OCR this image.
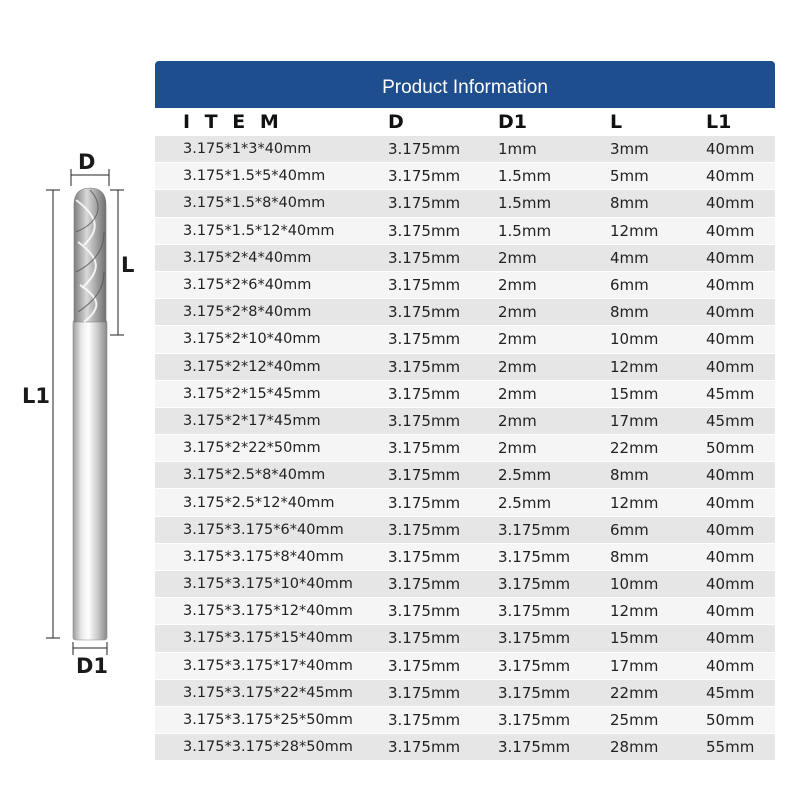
D
L
L1
D1
Product Information				
I T E M	D	D1	L	L1
3.175*1*3*40mm	3.175mm	1mm	3mm	40mm
3.175*1.5*5*40mm	3.175mm	1.5mm	5mm	40mm
3.175*1.5*8*40mm	3.175mm	1.5mm	8mm	40mm
3.175*1.5*12*40mm	3.175mm	1.5mm	12mm	40mm
3.175*2*4*40mm	3.175mm	2mm	4mm	40mm
3.175*2*6*40mm	3.175mm	2mm	6mm	40mm
3.175*2*8*40mm	3.175mm	2mm	8mm	40mm
3.175*2*10*40mm	3.175mm	2mm	10mm	40mm
3.175*2*12*40mm	3.175mm	2mm	12mm	40mm
3.175*2*15*45mm	3.175mm	2mm	15mm	45mm
3.175*2*17*45mm	3.175mm	2mm	17mm	45mm
3.175*2*22*50mm	3.175mm	2mm	22mm	50mm
3.175*2.5*8*40mm	3.175mm	2.5mm	8mm	40mm
3.175*2.5*12*40mm	3.175mm	2.5mm	12mm	40mm
3.175*3.175*6*40mm	3.175mm	3.175mm	6mm	40mm
3.175*3.175*8*40mm	3.175mm	3.175mm	8mm	40mm
3.175*3.175*10*40mm	3.175mm	3.175mm	10mm	40mm
3.175*3.175*12*40mm	3.175mm	3.175mm	12mm	40mm
3.175*3.175*15*40mm	3.175mm	3.175mm	15mm	40mm
3.175*3.175*17*40mm	3.175mm	3.175mm	17mm	40mm
3.175*3.175*22*45mm	3.175mm	3.175mm	22mm	45mm
3.175*3.175*25*50mm	3.175mm	3.175mm	25mm	50mm
3.175*3.175*28*50mm	3.175mm	3.175mm	28mm	55mm
